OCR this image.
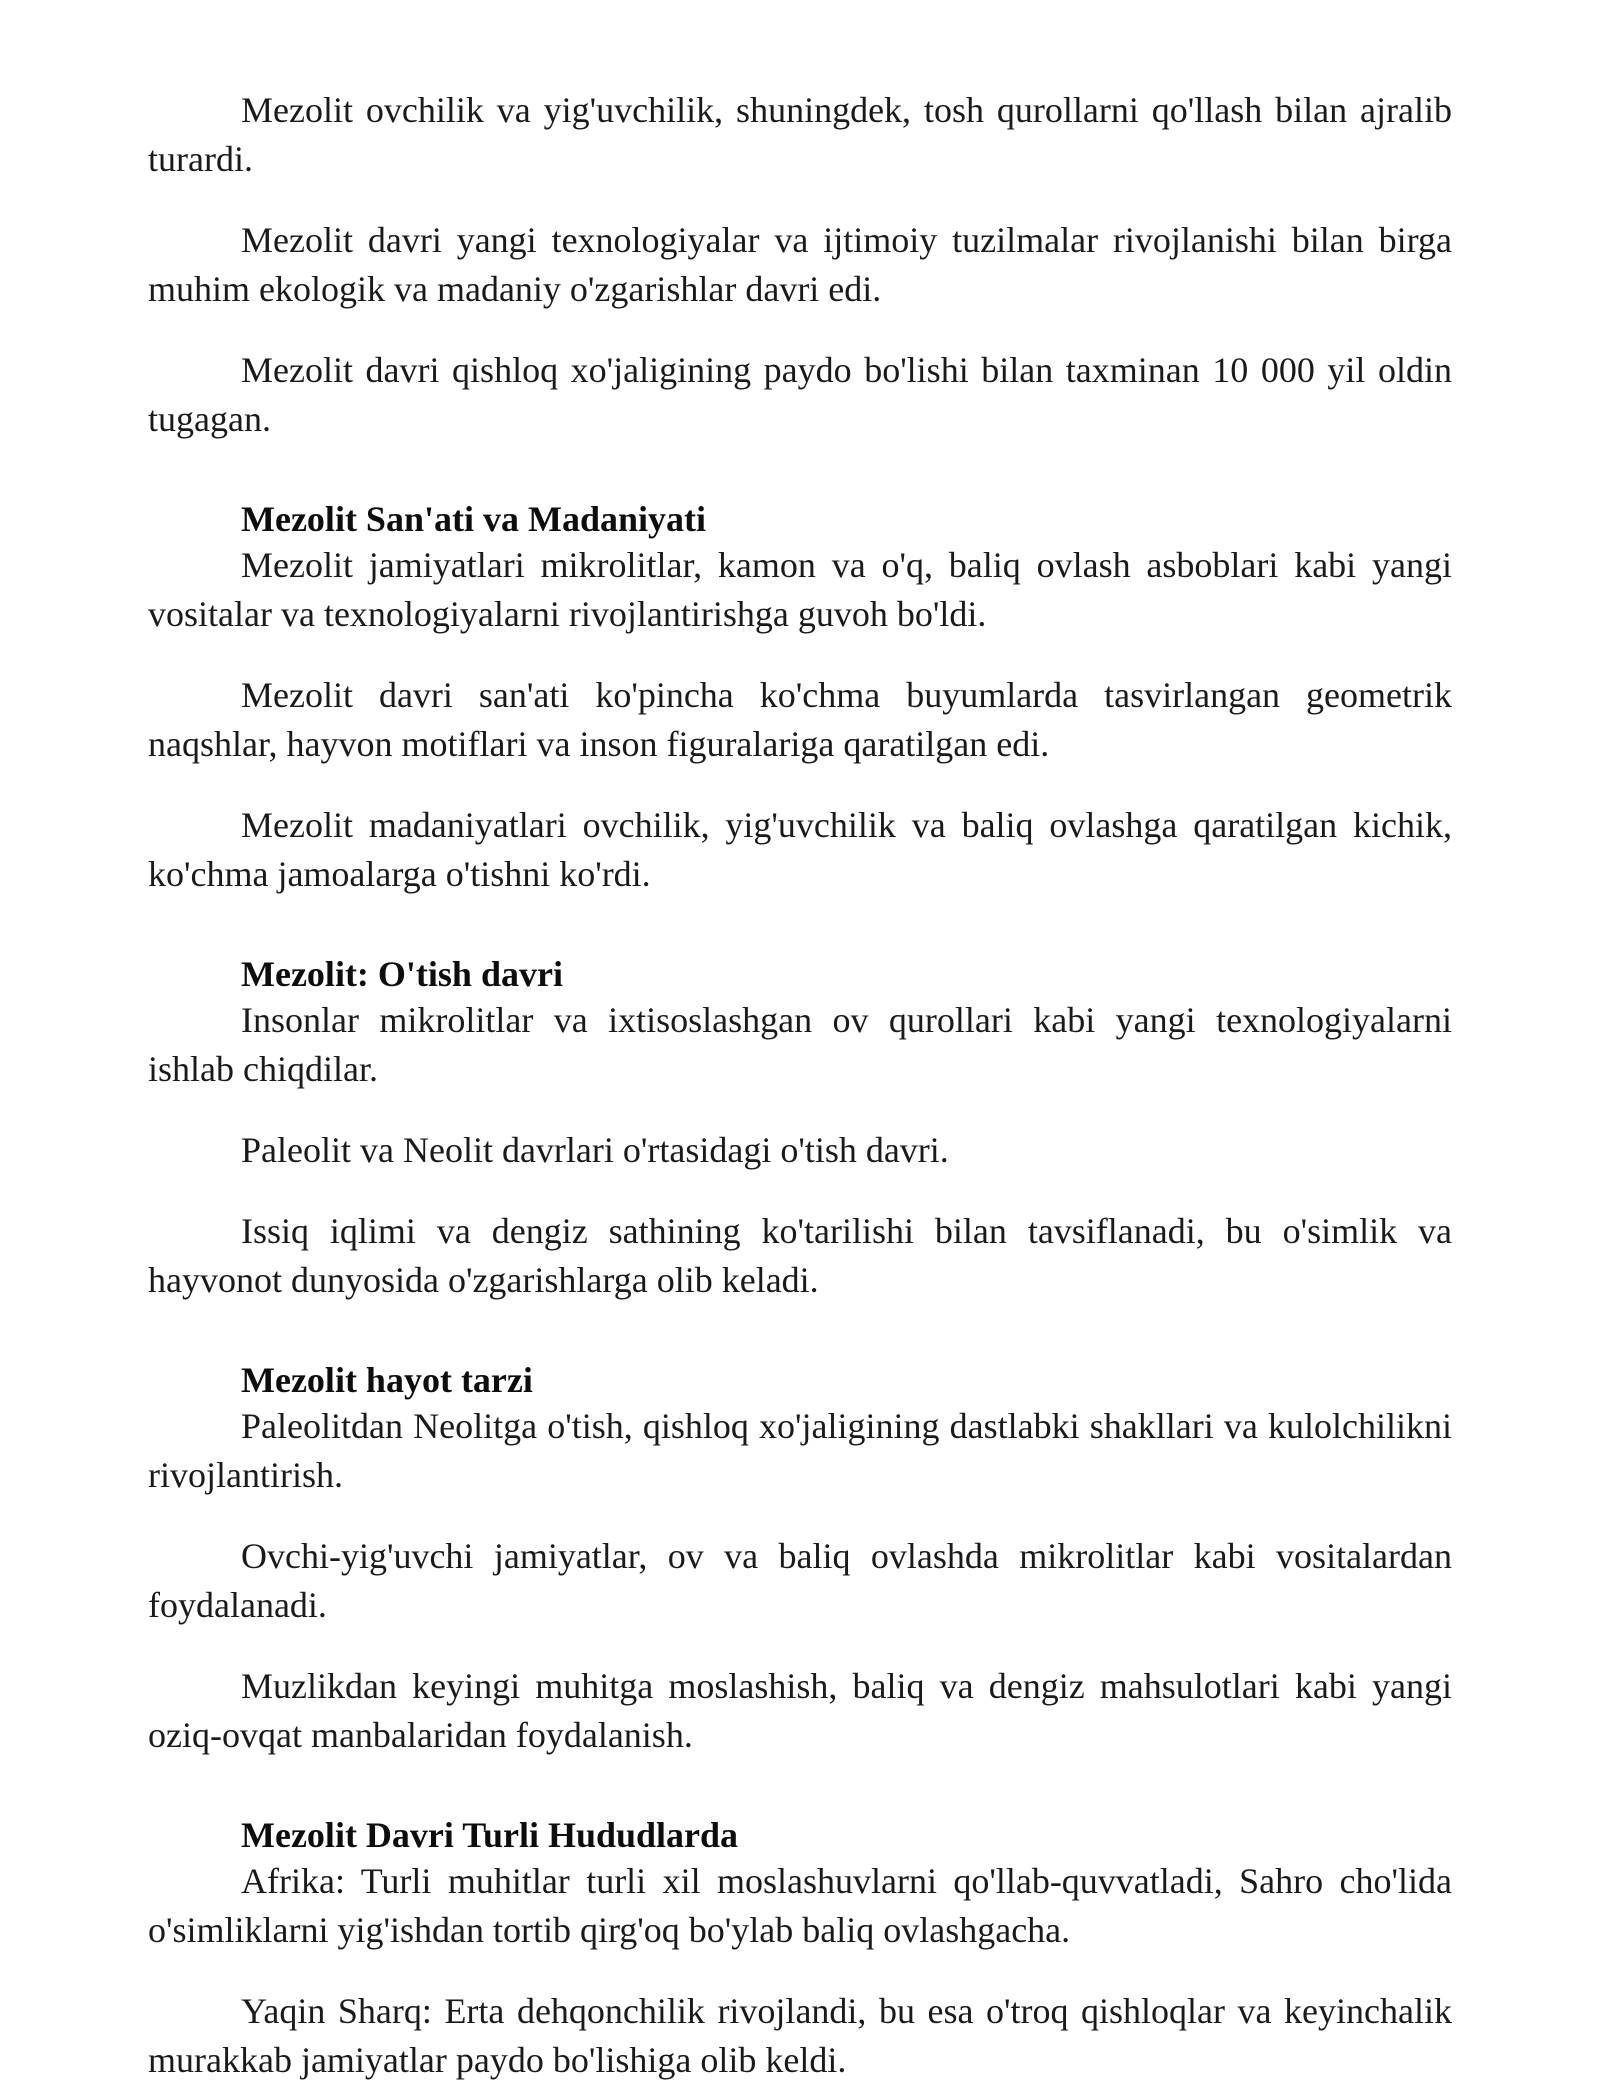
Mezolit ovchilik va yig'uvchilik, shuningdek, tosh qurollarni qo'llash bilan ajralib turardi.

Mezolit davri yangi texnologiyalar va ijtimoiy tuzilmalar rivojlanishi bilan birga muhim ekologik va madaniy o'zgarishlar davri edi.

Mezolit davri qishloq xo'jaligining paydo bo'lishi bilan taxminan 10 000 yil oldin tugagan.

Mezolit San'ati va Madaniyati

Mezolit jamiyatlari mikrolitlar, kamon va o'q, baliq ovlash asboblari kabi yangi vositalar va texnologiyalarni rivojlantirishga guvoh bo'ldi.

Mezolit davri san'ati ko'pincha ko'chma buyumlarda tasvirlangan geometrik naqshlar, hayvon motiflari va inson figuralariga qaratilgan edi.

Mezolit madaniyatlari ovchilik, yig'uvchilik va baliq ovlashga qaratilgan kichik, ko'chma jamoalarga o'tishni ko'rdi.

Mezolit: O'tish davri

Insonlar mikrolitlar va ixtisoslashgan ov qurollari kabi yangi texnologiyalarni ishlab chiqdilar.

Paleolit va Neolit davrlari o'rtasidagi o'tish davri.

Issiq iqlimi va dengiz sathining ko'tarilishi bilan tavsiflanadi, bu o'simlik va hayvonot dunyosida o'zgarishlarga olib keladi.

Mezolit hayot tarzi

Paleolitdan Neolitga o'tish, qishloq xo'jaligining dastlabki shakllari va kulolchilikni rivojlantirish.

Ovchi-yig'uvchi jamiyatlar, ov va baliq ovlashda mikrolitlar kabi vositalardan foydalanadi.

Muzlikdan keyingi muhitga moslashish, baliq va dengiz mahsulotlari kabi yangi oziq-ovqat manbalaridan foydalanish.

Mezolit Davri Turli Hududlarda

Afrika: Turli muhitlar turli xil moslashuvlarni qo'llab-quvvatladi, Sahro cho'lida o'simliklarni yig'ishdan tortib qirg'oq bo'ylab baliq ovlashgacha.

Yaqin Sharq: Erta dehqonchilik rivojlandi, bu esa o'troq qishloqlar va keyinchalik murakkab jamiyatlar paydo bo'lishiga olib keldi.
